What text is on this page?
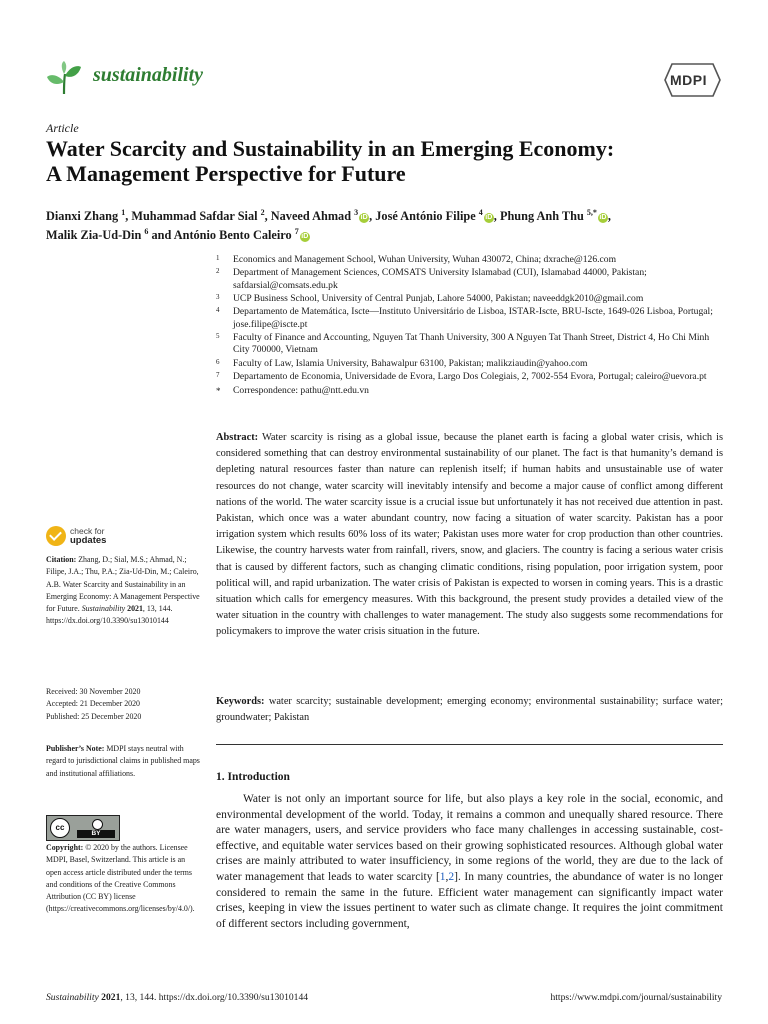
sustainability	MDPI
Article
Water Scarcity and Sustainability in an Emerging Economy:
A Management Perspective for Future
Dianxi Zhang $^1$, Muhammad Safdar Sial $^2$, Naveed Ahmad $^3$iD , José António Filipe $^4$iD , Phung Anh Thu $^{5,*}$iD ,
Malik Zia-Ud-Din $^6$ and António Bento Caleiro $^7$iD
1 Economics and Management School, Wuhan University, Wuhan 430072, China; dxrache@126.com
2 Department of Management Sciences, COMSATS University Islamabad (CUI), Islamabad 44000, Pakistan; safdarsial@comsats.edu.pk
3 UCP Business School, University of Central Punjab, Lahore 54000, Pakistan; naveeddgk2010@gmail.com
4 Departamento de Matemática, Iscte—Instituto Universitário de Lisboa, ISTAR-Iscte, BRU-Iscte, 1649-026 Lisboa, Portugal; jose.filipe@iscte.pt
5 Faculty of Finance and Accounting, Nguyen Tat Thanh University, 300 A Nguyen Tat Thanh Street, District 4, Ho Chi Minh City 700000, Vietnam
6 Faculty of Law, Islamia University, Bahawalpur 63100, Pakistan; malikziaudin@yahoo.com
7 Departamento de Economia, Universidade de Evora, Largo Dos Colegiais, 2, 7002-554 Evora, Portugal; caleiro@uevora.pt
* Correspondence: pathu@ntt.edu.vn
Abstract: Water scarcity is rising as a global issue, because the planet earth is facing a global water crisis, which is considered something that can destroy environmental sustainability of our planet. The fact is that humanity’s demand is depleting natural resources faster than nature can replenish itself; if human habits and unsustainable use of water resources do not change, water scarcity will inevitably intensify and become a major cause of conflict among different nations of the world. The water scarcity issue is a crucial issue but unfortunately it has not received due attention in past. Pakistan, which once was a water abundant country, now facing a situation of water scarcity. Pakistan has a poor irrigation system which results 60% loss of its water; Pakistan uses more water for crop production than other countries. Likewise, the country harvests water from rainfall, rivers, snow, and glaciers. The country is facing a serious water crisis that is caused by different factors, such as changing climatic conditions, rising population, poor irrigation system, poor political will, and rapid urbanization. The water crisis of Pakistan is expected to worsen in coming years. This is a drastic situation which calls for emergency measures. With this background, the present study provides a detailed view of the water situation in the country with challenges to water management. The study also suggests some recommendations for policymakers to improve the water crisis situation in the future.
Keywords: water scarcity; sustainable development; emerging economy; environmental sustainability; surface water; groundwater; Pakistan
check for
updates
Citation: Zhang, D.; Sial, M.S.; Ahmad, N.; Filipe, J.A.; Thu, P.A.; Zia-Ud-Din, M.; Caleiro, A.B. Water Scarcity and Sustainability in an Emerging Economy: A Management Perspective for Future. Sustainability 2021, 13, 144. https://dx.doi.org/10.3390/su13010144
Received: 30 November 2020
Accepted: 21 December 2020
Published: 25 December 2020
Publisher’s Note: MDPI stays neutral with regard to jurisdictional claims in published maps and institutional affiliations.
cc
BY
Copyright: © 2020 by the authors. Licensee MDPI, Basel, Switzerland. This article is an open access article distributed under the terms and conditions of the Creative Commons Attribution (CC BY) license (https://creativecommons.org/licenses/by/4.0/).
1. Introduction
Water is not only an important source for life, but also plays a key role in the social, economic, and environmental development of the world. Today, it remains a common and unequally shared resource. There are water managers, users, and service providers who face many challenges in accessing sustainable, cost-effective, and equitable water services based on their growing sophisticated resources. Although global water crises are mainly attributed to water insufficiency, in some regions of the world, they are due to the lack of water management that leads to water scarcity [1,2]. In many countries, the abundance of water is no longer considered to remain the same in the future. Efficient water management can significantly impact water crises, keeping in view the issues pertinent to water such as climate change. It requires the joint commitment of different sectors including government,
Sustainability 2021, 13, 144. https://dx.doi.org/10.3390/su13010144	https://www.mdpi.com/journal/sustainability
